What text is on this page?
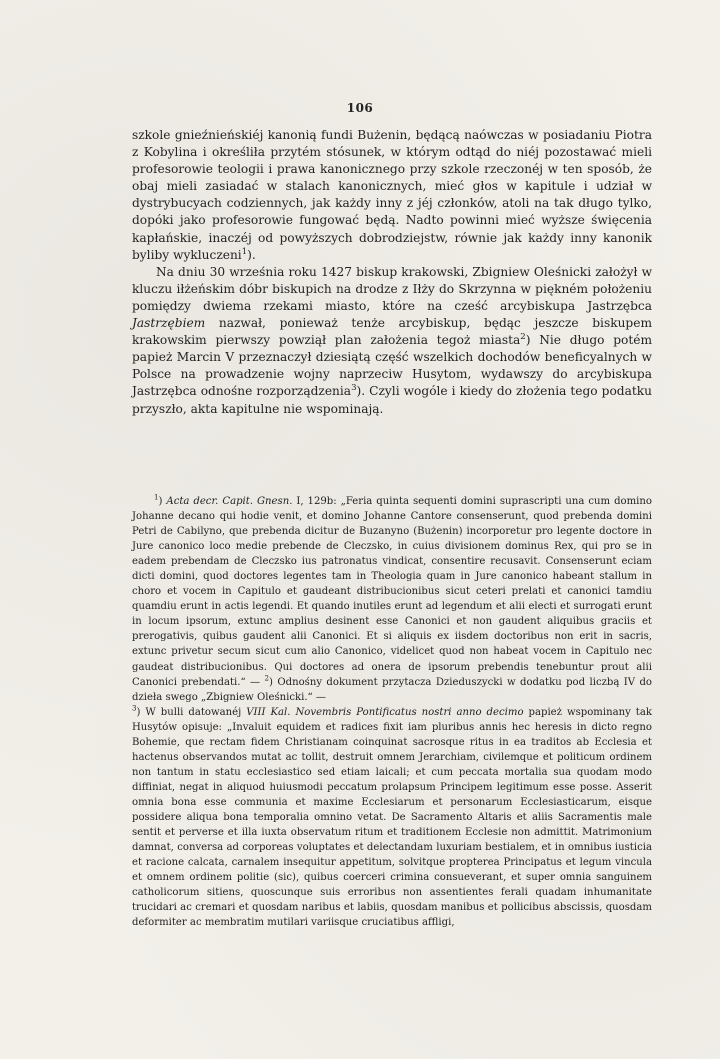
106

szkole gnieźnieńskiéj kanonią fundi Bużenin, będącą naówczas w posiadaniu Piotra z Kobylina i określiła przytém stósunek, w którym odtąd do niéj pozostawać mieli profesorowie teologii i prawa kanonicznego przy szkole rzeczonéj w ten sposób, że obaj mieli zasiadać w stalach kanonicznych, mieć głos w kapitule i udział w dystrybucyach codziennych, jak każdy inny z jéj członków, atoli na tak długo tylko, dopóki jako profesorowie fungować będą. Nadto powinni mieć wyższe święcenia kapłańskie, inaczéj od powyższych dobrodziejstw, równie jak każdy inny kanonik byliby wykluczeni$^1$).

Na dniu 30 września roku 1427 biskup krakowski, Zbigniew Oleśnicki założył w kluczu iłżeńskim dóbr biskupich na drodze z Iłży do Skrzynna w piękném położeniu pomiędzy dwiema rzekami miasto, które na cześć arcybiskupa Jastrzębca Jastrzębiem nazwał, ponieważ tenże arcybiskup, będąc jeszcze biskupem krakowskim pierwszy powziął plan założenia tegoż miasta$^2$) Nie długo potém papież Marcin V przeznaczył dziesiątą część wszelkich dochodów beneficyalnych w Polsce na prowadzenie wojny naprzeciw Husytom, wydawszy do arcybiskupa Jastrzębca odnośne rozporządzenia$^3$). Czyli wogóle i kiedy do złożenia tego podatku przyszło, akta kapitulne nie wspominają.

$^1$) Acta decr. Capit. Gnesn. I, 129b: „Feria quinta sequenti domini suprascripti una cum domino Johanne decano qui hodie venit, et domino Johanne Cantore consenserunt, quod prebenda domini Petri de Cabilyno, que prebenda dicitur de Buzanyno (Bużenin) incorporetur pro legente doctore in Jure canonico loco medie prebende de Cleczsko, in cuius divisionem dominus Rex, qui pro se in eadem prebendam de Cleczsko ius patronatus vindicat, consentire recusavit. Consenserunt eciam dicti domini, quod doctores legentes tam in Theologia quam in Jure canonico habeant stallum in choro et vocem in Capitulo et gaudeant distribucionibus sicut ceteri prelati et canonici tamdiu quamdiu erunt in actis legendi. Et quando inutiles erunt ad legendum et alii electi et surrogati erunt in locum ipsorum, extunc amplius desinent esse Canonici et non gaudent aliquibus graciis et prerogativis, quibus gaudent alii Canonici. Et si aliquis ex iisdem doctoribus non erit in sacris, extunc privetur secum sicut cum alio Canonico, videlicet quod non habeat vocem in Capitulo nec gaudeat distribucionibus. Qui doctores ad onera de ipsorum prebendis tenebuntur prout alii Canonici prebendati.“ — $^2$) Odnośny dokument przytacza Dzieduszycki w dodatku pod liczbą IV do dzieła swego „Zbigniew Oleśnicki.“ —

$^3$) W bulli datowanéj VIII Kal. Novembris Pontificatus nostri anno decimo papież wspominany tak Husytów opisuje: „Invaluit equidem et radices fixit iam pluribus annis hec heresis in dicto regno Bohemie, que rectam fidem Christianam coinquinat sacrosque ritus in ea traditos ab Ecclesia et hactenus observandos mutat ac tollit, destruit omnem Jerarchiam, civilemque et politicum ordinem non tantum in statu ecclesiastico sed etiam laicali; et cum peccata mortalia sua quodam modo diffiniat, negat in aliquod huiusmodi peccatum prolapsum Principem legitimum esse posse. Asserit omnia bona esse communia et maxime Ecclesiarum et personarum Ecclesiasticarum, eisque possidere aliqua bona temporalia omnino vetat. De Sacramento Altaris et aliis Sacramentis male sentit et perverse et illa iuxta observatum ritum et traditionem Ecclesie non admittit. Matrimonium damnat, conversa ad corporeas voluptates et delectandam luxuriam bestialem, et in omnibus iusticia et racione calcata, carnalem insequitur appetitum, solvitque propterea Principatus et legum vincula et omnem ordinem politie (sic), quibus coerceri crimina consueverant, et super omnia sanguinem catholicorum sitiens, quoscunque suis erroribus non assentientes ferali quadam inhumanitate trucidari ac cremari et quosdam naribus et labiis, quosdam manibus et pollicibus abscissis, quosdam deformiter ac membratim mutilari variisque cruciatibus affligi,
